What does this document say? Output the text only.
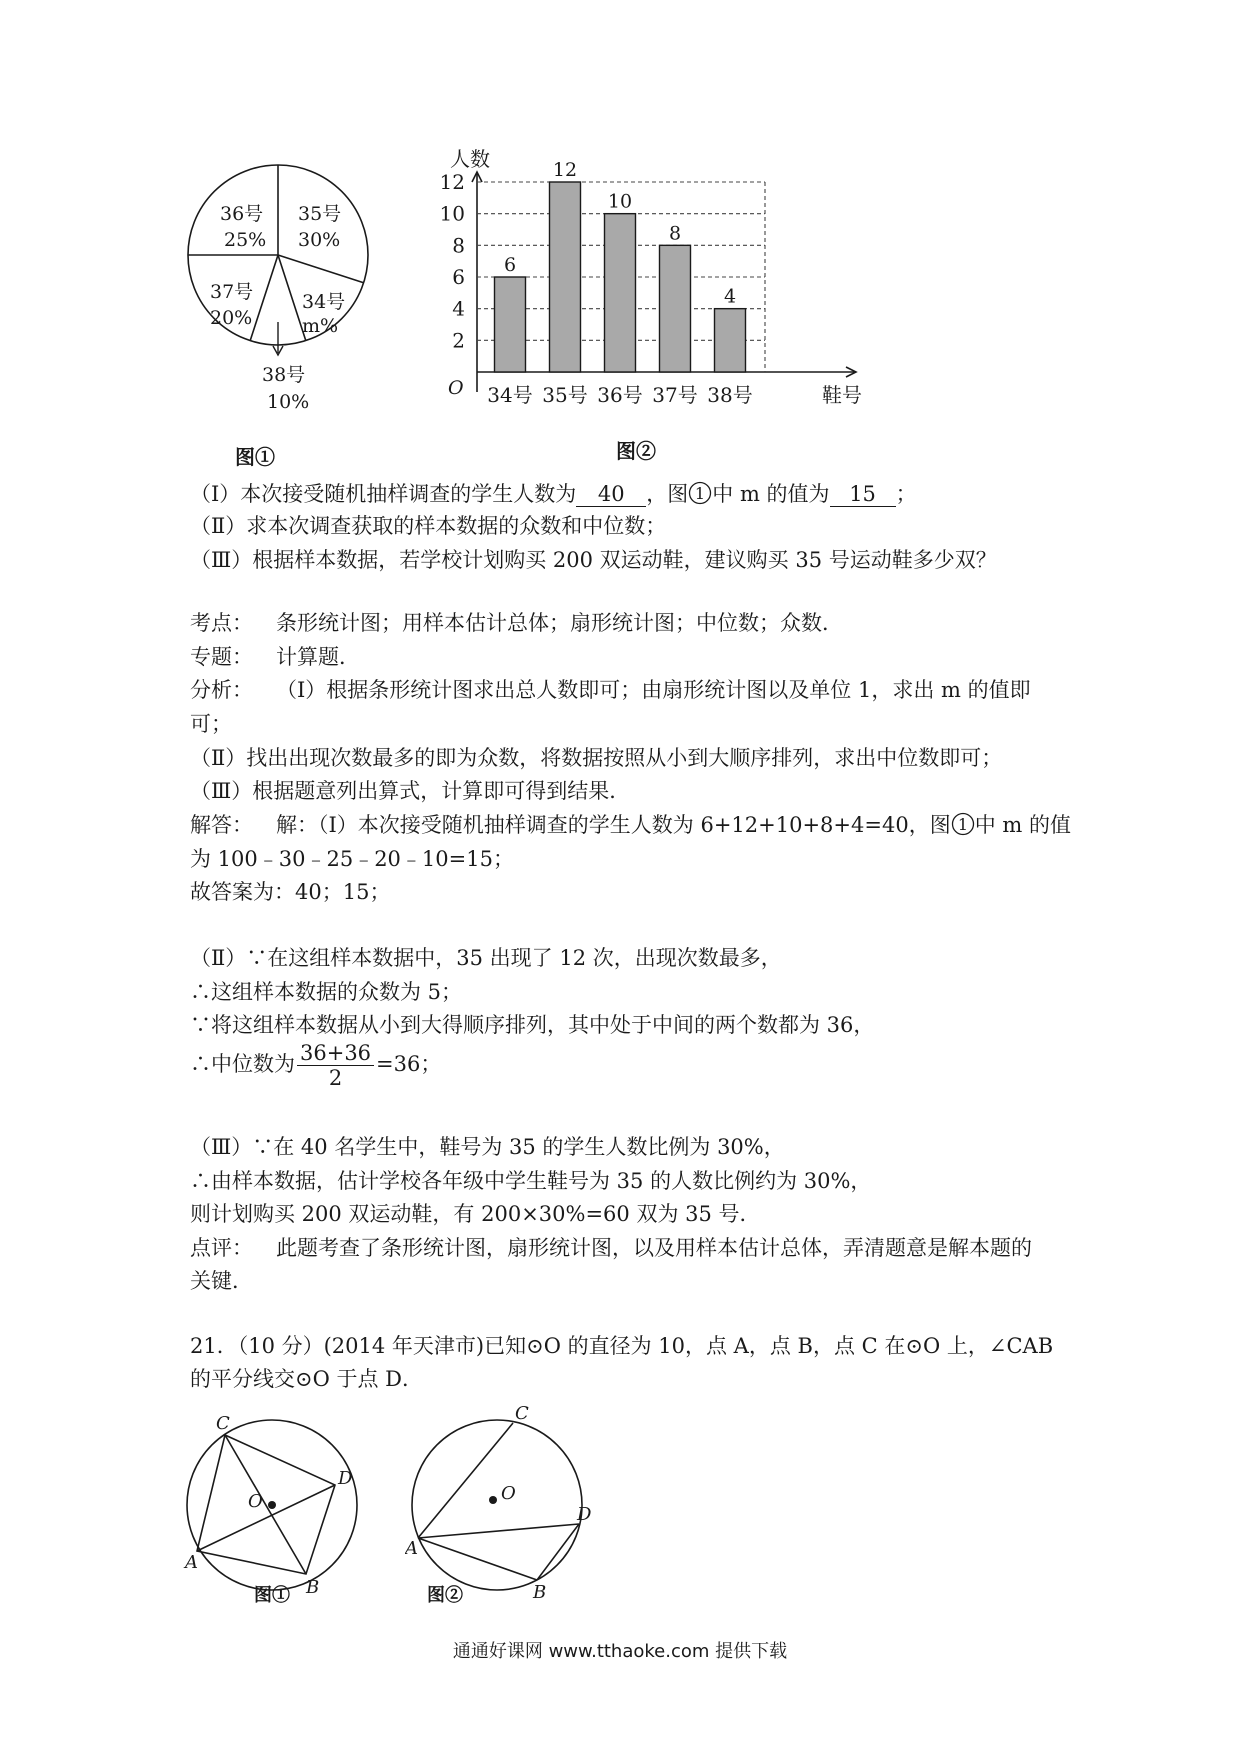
36号
25%
35号
30%
37号
20%
34号
m%
38号
10%
图①
人数
O
6
12
10
8
4
2
4
6
8
10
12
34号 35号 36号 37号 38号	鞋号
图②
（Ⅰ）本次接受随机抽样调查的学生人数为 40 ，图 1 中 m 的值为 15 ；
（Ⅱ）求本次调查获取的样本数据的众数和中位数；
（Ⅲ）根据样本数据，若学校计划购买 200 双运动鞋，建议购买 35 号运动鞋多少双？
考点： 条形统计图；用样本估计总体；扇形统计图；中位数；众数．
专题： 计算题．
分析： （Ⅰ）根据条形统计图求出总人数即可；由扇形统计图以及单位 1，求出 m 的值即
可；
（Ⅱ）找出出现次数最多的即为众数，将数据按照从小到大顺序排列，求出中位数即可；
（Ⅲ）根据题意列出算式，计算即可得到结果．
解答： 解：（Ⅰ）本次接受随机抽样调查的学生人数为 6+12+10+8+4=40，图 1 中 m 的值
为 100﹣30﹣25﹣20﹣10=15；
故答案为：40；15；
（Ⅱ）∵在这组样本数据中，35 出现了 12 次，出现次数最多，
∴这组样本数据的众数为 5；
∵将这组样本数据从小到大得顺序排列，其中处于中间的两个数都为 36，
∴中位数为 $\frac{36+36}{2} =36$；
（Ⅲ）∵在 40 名学生中，鞋号为 35 的学生人数比例为 30%，
∴由样本数据，估计学校各年级中学生鞋号为 35 的人数比例约为 30%，
则计划购买 200 双运动鞋，有 200×30%=60 双为 35 号．
点评： 此题考查了条形统计图，扇形统计图，以及用样本估计总体，弄清题意是解本题的
关键．
21．（10 分）(2014 年天津市)已知⊙O 的直径为 10，点 A，点 B，点 C 在⊙O 上，∠CAB
的平分线交⊙O 于点 D．
C
D
O
A
B
图①
C
O
D
A
B
图②
通通好课网 www.tthaoke.com 提供下载
